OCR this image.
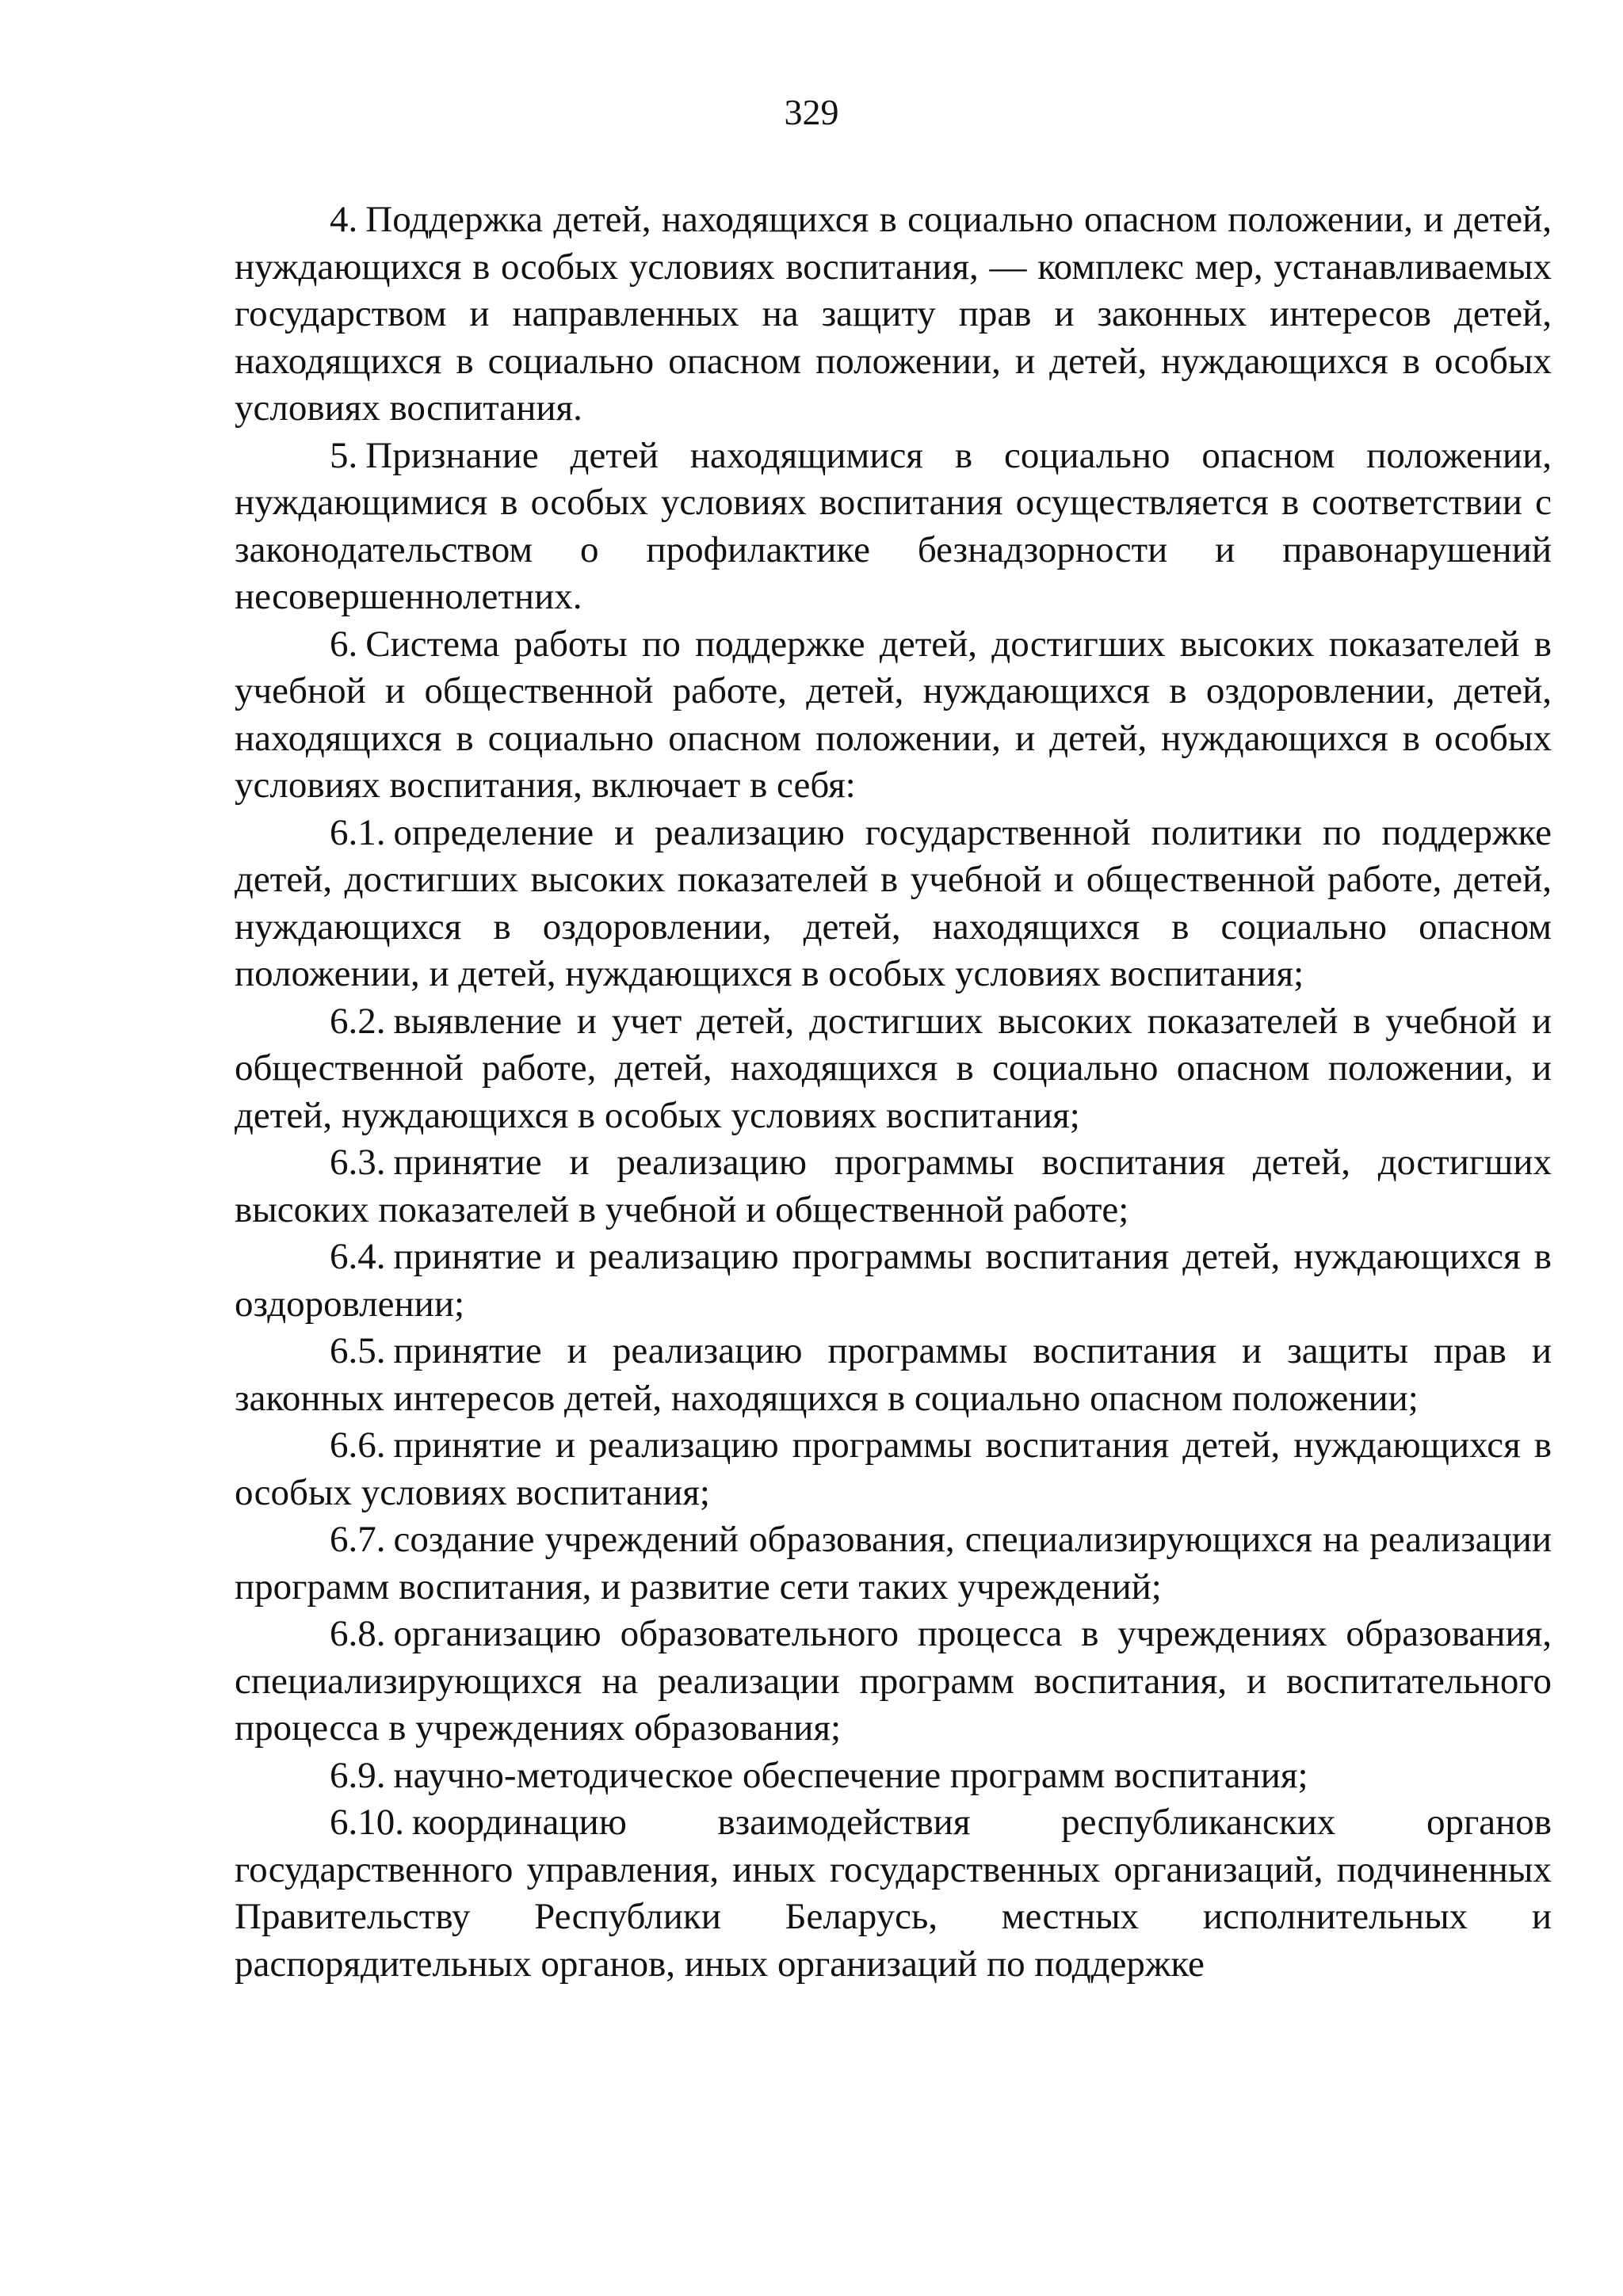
329

4. Поддержка детей, находящихся в социально опасном положении, и детей, нуждающихся в особых условиях воспитания, — комплекс мер, устанавливаемых государством и направленных на защиту прав и законных интересов детей, находящихся в социально опасном положении, и детей, нуждающихся в особых условиях воспитания.

5. Признание детей находящимися в социально опасном положении, нуждающимися в особых условиях воспитания осуществляется в соответствии с законодательством о профилактике безнадзорности и правонарушений несовершеннолетних.

6. Система работы по поддержке детей, достигших высоких показателей в учебной и общественной работе, детей, нуждающихся в оздоровлении, детей, находящихся в социально опасном положении, и детей, нуждающихся в особых условиях воспитания, включает в себя:

6.1. определение и реализацию государственной политики по поддержке детей, достигших высоких показателей в учебной и общественной работе, детей, нуждающихся в оздоровлении, детей, находящихся в социально опасном положении, и детей, нуждающихся в особых условиях воспитания;

6.2. выявление и учет детей, достигших высоких показателей в учебной и общественной работе, детей, находящихся в социально опасном положении, и детей, нуждающихся в особых условиях воспитания;

6.3. принятие и реализацию программы воспитания детей, достигших высоких показателей в учебной и общественной работе;

6.4. принятие и реализацию программы воспитания детей, нуждающихся в оздоровлении;

6.5. принятие и реализацию программы воспитания и защиты прав и законных интересов детей, находящихся в социально опасном положении;

6.6. принятие и реализацию программы воспитания детей, нуждающихся в особых условиях воспитания;

6.7. создание учреждений образования, специализирующихся на реализации программ воспитания, и развитие сети таких учреждений;

6.8. организацию образовательного процесса в учреждениях образования, специализирующихся на реализации программ воспитания, и воспитательного процесса в учреждениях образования;

6.9. научно-методическое обеспечение программ воспитания;

6.10. координацию взаимодействия республиканских органов государственного управления, иных государственных организаций, подчиненных Правительству Республики Беларусь, местных исполнительных и распорядительных органов, иных организаций по поддержке
